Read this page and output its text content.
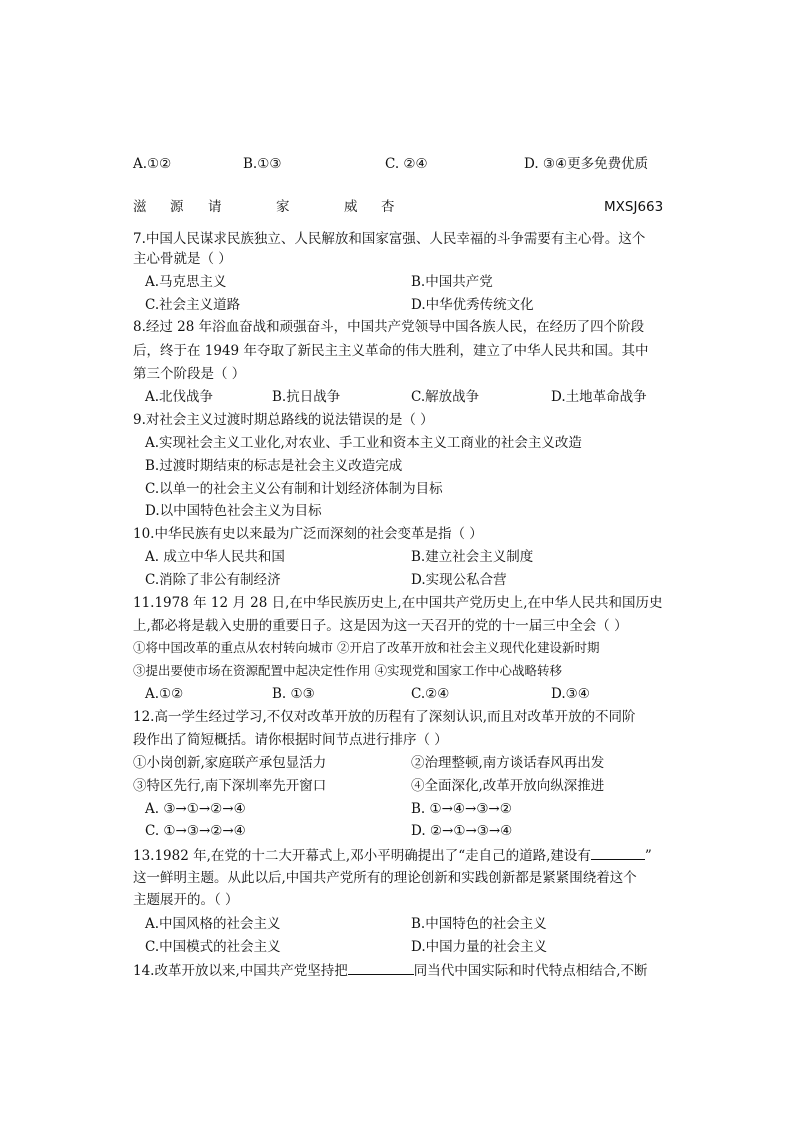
A.①②	B.①③	C. ②④	D. ③④更多免费优质
滋 源 请	家	威 杏	MXSJ663
7.中国人民谋求民族独立、人民解放和国家富强、人民幸福的斗争需要有主心骨。这个
主心骨就是（ ）
A.马克思主义	B.中国共产党
C.社会主义道路	D.中华优秀传统文化
8.经过 28 年浴血奋战和顽强奋斗，中国共产党领导中国各族人民，在经历了四个阶段
后，终于在 1949 年夺取了新民主主义革命的伟大胜利，建立了中华人民共和国。其中
第三个阶段是（ ）
A.北伐战争	B.抗日战争	C.解放战争	D.土地革命战争
9.对社会主义过渡时期总路线的说法错误的是（ ）
A.实现社会主义工业化,对农业、手工业和资本主义工商业的社会主义改造
B.过渡时期结束的标志是社会主义改造完成
C.以单一的社会主义公有制和计划经济体制为目标
D.以中国特色社会主义为目标
10.中华民族有史以来最为广泛而深刻的社会变革是指（ ）
A. 成立中华人民共和国	B.建立社会主义制度
C.消除了非公有制经济	D.实现公私合营
11.1978 年 12 月 28 日,在中华民族历史上,在中国共产党历史上,在中华人民共和国历史
上,都必将是载入史册的重要日子。这是因为这一天召开的党的十一届三中全会（ ）
①将中国改革的重点从农村转向城市 ②开启了改革开放和社会主义现代化建设新时期
③提出要使市场在资源配置中起决定性作用 ④实现党和国家工作中心战略转移
A.①②	B. ①③	C.②④	D.③④
12.高一学生经过学习,不仅对改革开放的历程有了深刻认识,而且对改革开放的不同阶
段作出了简短概括。请你根据时间节点进行排序（ ）
①小岗创新,家庭联产承包显活力	②治理整顿,南方谈话春风再出发
③特区先行,南下深圳率先开窗口	④全面深化,改革开放向纵深推进
A. ③→①→②→④	B. ①→④→③→②
C. ①→③→②→④	D. ②→①→③→④
13.1982 年,在党的十二大开幕式上,邓小平明确提出了“走自己的道路,建设有	”
这一鲜明主题。从此以后,中国共产党所有的理论创新和实践创新都是紧紧围绕着这个
主题展开的。（ ）
A.中国风格的社会主义	B.中国特色的社会主义
C.中国模式的社会主义	D.中国力量的社会主义
14.改革开放以来,中国共产党坚持把	同当代中国实际和时代特点相结合,不断
